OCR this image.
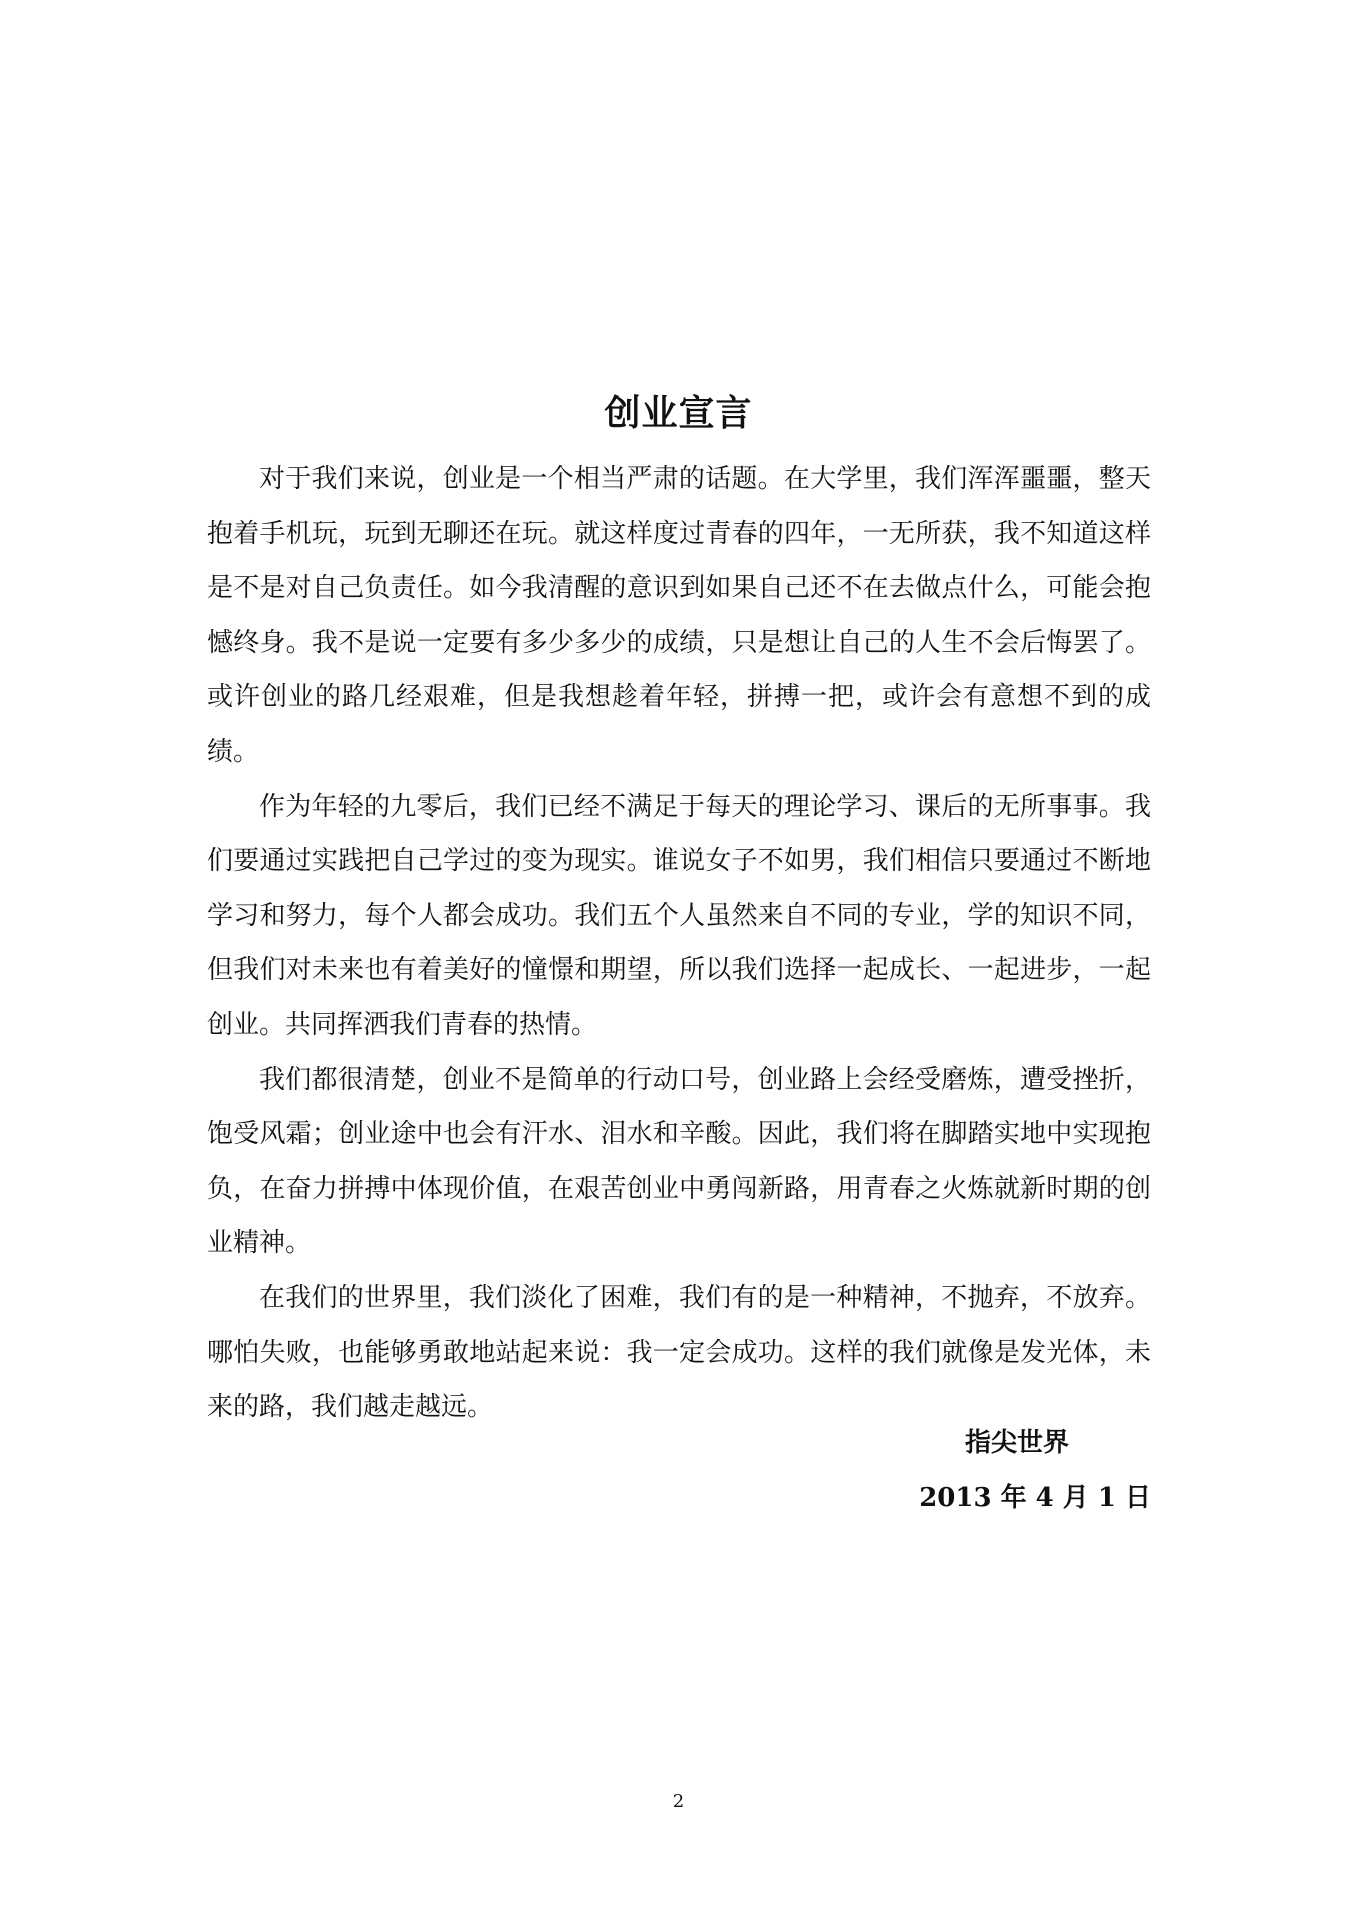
创业宣言

对于我们来说，创业是一个相当严肃的话题。在大学里，我们浑浑噩噩，整天抱着手机玩，玩到无聊还在玩。就这样度过青春的四年，一无所获，我不知道这样是不是对自己负责任。如今我清醒的意识到如果自己还不在去做点什么，可能会抱憾终身。我不是说一定要有多少多少的成绩，只是想让自己的人生不会后悔罢了。或许创业的路几经艰难，但是我想趁着年轻，拼搏一把，或许会有意想不到的成绩。

作为年轻的九零后，我们已经不满足于每天的理论学习、课后的无所事事。我们要通过实践把自己学过的变为现实。谁说女子不如男，我们相信只要通过不断地学习和努力，每个人都会成功。我们五个人虽然来自不同的专业，学的知识不同，但我们对未来也有着美好的憧憬和期望，所以我们选择一起成长、一起进步，一起创业。共同挥洒我们青春的热情。

我们都很清楚，创业不是简单的行动口号，创业路上会经受磨炼，遭受挫折，饱受风霜；创业途中也会有汗水、泪水和辛酸。因此，我们将在脚踏实地中实现抱负，在奋力拼搏中体现价值，在艰苦创业中勇闯新路，用青春之火炼就新时期的创业精神。

在我们的世界里，我们淡化了困难，我们有的是一种精神，不抛弃，不放弃。哪怕失败，也能够勇敢地站起来说：我一定会成功。这样的我们就像是发光体，未来的路，我们越走越远。

指尖世界
2013 年 4 月 1 日
2
